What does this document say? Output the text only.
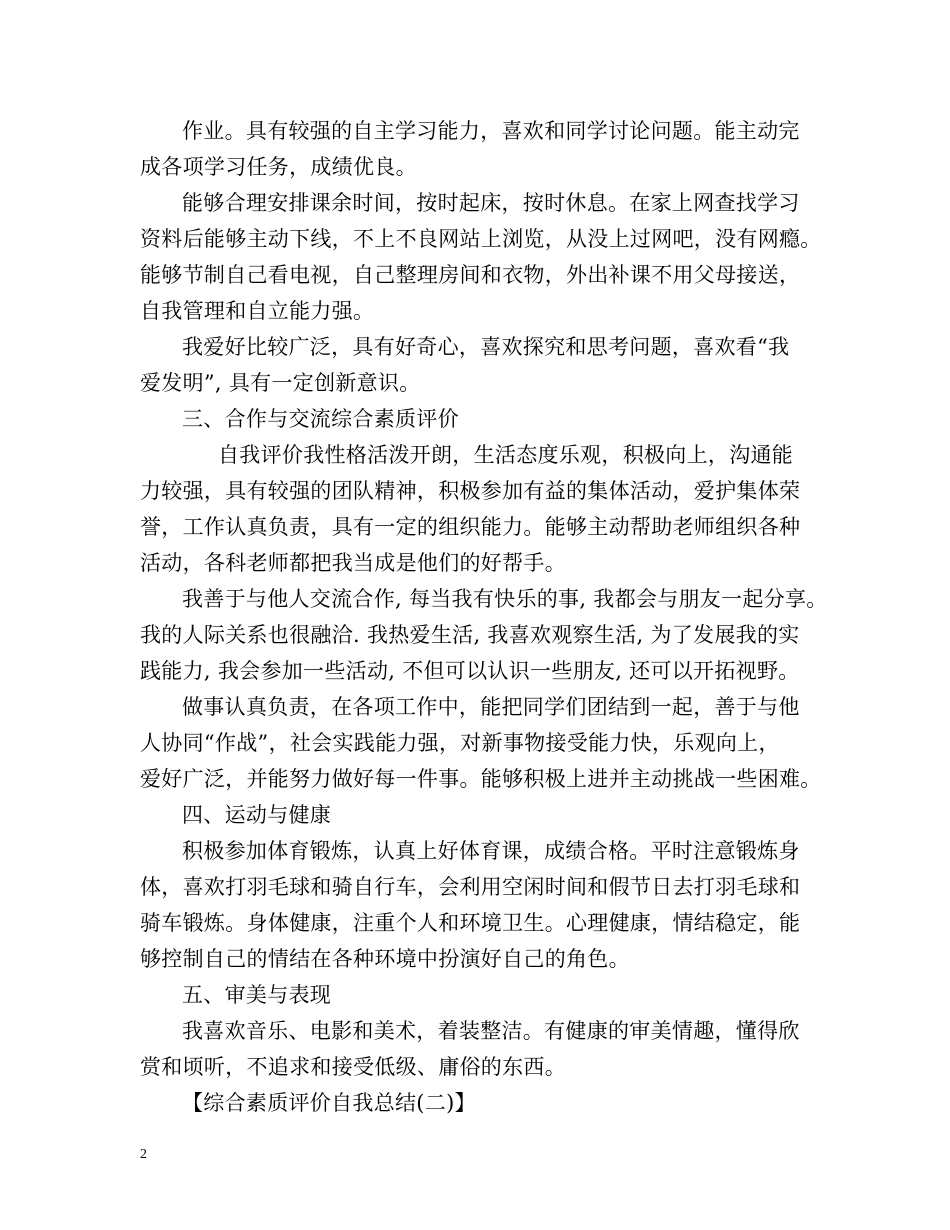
作业。具有较强的自主学习能力，喜欢和同学讨论问题。能主动完
成各项学习任务，成绩优良。
能够合理安排课余时间，按时起床，按时休息。在家上网查找学习
资料后能够主动下线，不上不良网站上浏览，从没上过网吧，没有网瘾。
能够节制自己看电视，自己整理房间和衣物，外出补课不用父母接送，
自我管理和自立能力强。
我爱好比较广泛，具有好奇心，喜欢探究和思考问题，喜欢看“我
爱发明”, 具有一定创新意识。
三、合作与交流综合素质评价
自我评价我性格活泼开朗，生活态度乐观，积极向上，沟通能
力较强，具有较强的团队精神，积极参加有益的集体活动，爱护集体荣
誉，工作认真负责，具有一定的组织能力。能够主动帮助老师组织各种
活动，各科老师都把我当成是他们的好帮手。
我善于与他人交流合作, 每当我有快乐的事, 我都会与朋友一起分享。
我的人际关系也很融洽. 我热爱生活, 我喜欢观察生活, 为了发展我的实
践能力, 我会参加一些活动, 不但可以认识一些朋友, 还可以开拓视野。
做事认真负责，在各项工作中，能把同学们团结到一起，善于与他
人协同“作战”，社会实践能力强，对新事物接受能力快，乐观向上，
爱好广泛，并能努力做好每一件事。能够积极上进并主动挑战一些困难。
四、运动与健康
积极参加体育锻炼，认真上好体育课，成绩合格。平时注意锻炼身
体，喜欢打羽毛球和骑自行车，会利用空闲时间和假节日去打羽毛球和
骑车锻炼。身体健康，注重个人和环境卫生。心理健康，情结稳定，能
够控制自己的情结在各种环境中扮演好自己的角色。
五、审美与表现
我喜欢音乐、电影和美术，着装整洁。有健康的审美情趣，懂得欣
赏和顷听，不追求和接受低级、庸俗的东西。
【综合素质评价自我总结(二)】
2
